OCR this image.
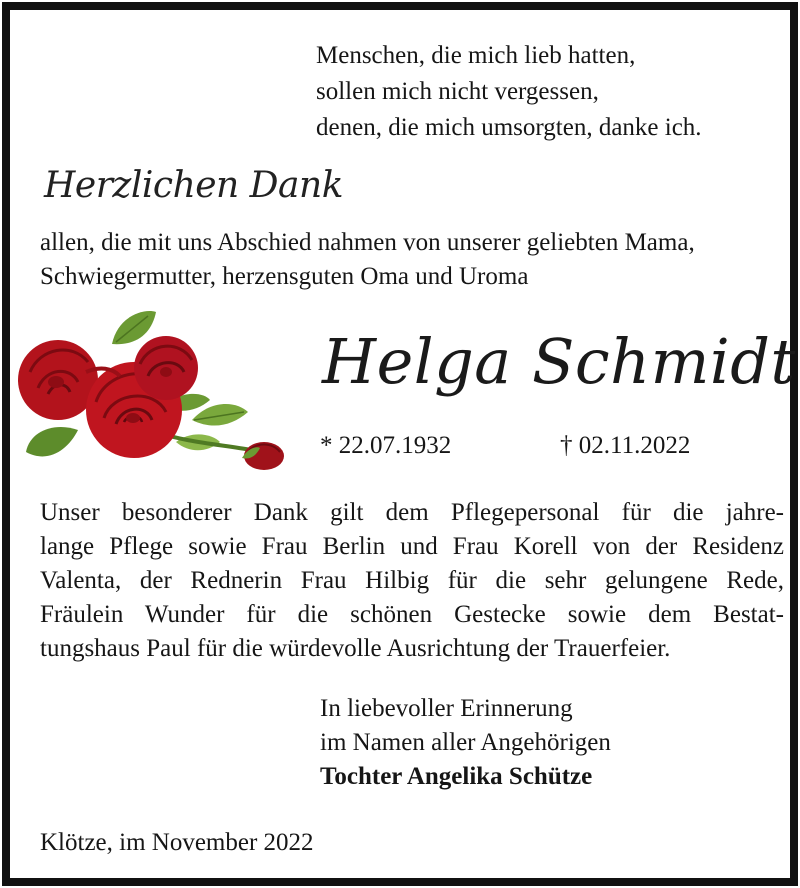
Menschen, die mich lieb hatten,
sollen mich nicht vergessen,
denen, die mich umsorgten, danke ich.
Herzlichen Dank
allen, die mit uns Abschied nahmen von unserer geliebten Mama,
Schwiegermutter, herzensguten Oma und Uroma
Helga Schmidt
* 22.07.1932	† 02.11.2022
Unser besonderer Dank gilt dem Pflegepersonal für die jahre-
lange Pflege sowie Frau Berlin und Frau Korell von der Residenz
Valenta, der Rednerin Frau Hilbig für die sehr gelungene Rede,
Fräulein Wunder für die schönen Gestecke sowie dem Bestat-
tungshaus Paul für die würdevolle Ausrichtung der Trauerfeier.
In liebevoller Erinnerung
im Namen aller Angehörigen
Tochter Angelika Schütze
Klötze, im November 2022
